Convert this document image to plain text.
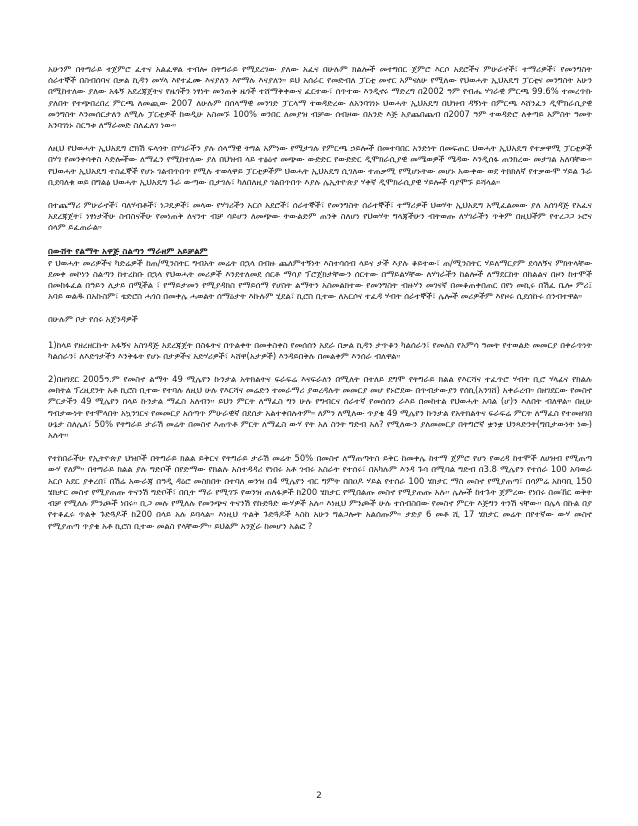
አሁንም በትግራይ ተጀምሮ ፈተና አልፈዋል ተብሎ በትግራይ የሚደረገው ያለው አፈና በሁሉም ክልሎች መተግበር ጀምሮ እርሶ አደሮችና ምሁራኖች፣ ተማሪዎች፣ የመንግስት ሰራተኞች በስብሰባና በቃል ኪዳን መሃላ እየተፈሙ እናያለን እየማሉ እናያለን። ይህ አሰራር የመድብለ ፓርቲ መኖር አምናለሁ የሚለው የህወሓት ኢህአዴግ ፓርቲና መንግስት አሁን በሚከተለው ያለው አፋኝ አደረጃጀትና የዜጎችን ነፃነት መንጠቅ ዜጎች ተሸማቅቀውና ፈርተው፣ ሰጥተው እንዲኖሩ ማድረግ በ2002 ዓም የብሔ ሃገራዊ ምርጫ 99.6% ተመረጥኩ ያለበት የተጭበረበረ ምርጫ ለመጪው 2007 ለሁሉም በሰላማዊ መንገድ ፓርላማ ተወዳድረው ለአንባገነኑ ህወሓት ኢህአዴግ በህዝብ ዳኝነት በምርጫ እሸንፈን ዲሞክራሲያዊ መንግስት እንመሰርታለን ለሚሉ ፓርቲዎች ከወዲሁ አስመኙ 100% ወንበር ለመያዝ ብቻው ሰብዞው በአንድ እጅ አያጨበጨብ በ2007 ዓም ተወዳድሮ ለቀጣይ አምስት ዓመት አንባገነኑ ስርዓቱ ለማራመድ ስለፈለገ ነው።

ለዚህ የህወሓት ኢህአዴግ ሮክሽ ፍላጎት በሃገራችን ያሉ ሰላማዊ ትግል አምነው የሚታገሉ የምርጫ ኃይሎች በመተባበር አንድነት በመፍጠር ህወሓት ኢህአዴግ የተቃዋሚ ፓርቲዎች በሃገ የመንቀሳቀስ እድሎችው ለማፈን የሚከተለው ያለ በህዝብ ላይ ተፅዕኖ መጭው ውድድር የውድድር ዲሞክራሲያዊ መሜወዎች ሜዳው እንዲሰፋ ጠንክረው መታገል አለባቸው። የህወሓት ኢህአዴግ ተስፈኞች የሆኑ ገልብጥበጥ የሚሉ ተወላዋይ ፓርቲዎችም ህወሓት ኢህአዴግ ሲገለው ተጠቃሚ የሚሆኑትው መሆኑ አውቀው ወደ ትክክለኛ የተቃውሞ ሃይል ጉራ ቢደባለቁ ወይ በግልፅ ህወሓት ኢህአዴግ ጉራ ውጣው ቢታገሉ፣ ካለበለዚያ ገልበጥበጥ እያሉ ሌኢትዮጵያ ሃቀኛ ዲሞክራሲያዊ ሃይሎች ባያሞኙ ይሻላል።

በተጨማሪ ምሁራኖች፣ ባለሃብቶች፣ ነጋዴዎች፣ መላው የሃገሪችን አርሶ አደሮች፣ ሰራተኞች፣ የመንግስት ሰራተኞች፣ ተማሪዎች ህወሃት ኢህአዴግ አሚፈልመው ያለ አሰገዳጅ የአፈና አደረጃጀት፣ ነፃነታችሁ ስብስናችሁ የመነጠቅ ለናንተ ብቻ ሳይሆን ለመጭው ትውልድም ጠንቅ ስለሆነ የህወሃት ግላጃችሁን ብትወጡ ለሃገራችን ጥቅም በዚህችም የተረጋጋ ኑሮና ሰላም ይፈጠራል።

በውሸት የልማት አዋጅ ስልጣን ማራዘም አይቻልም

የ ህወሓት መሪዎችና ካድሬዎች ከጠ/ሚንስትር ግብአት መሬት በኋላ በብዙ ጨለምተኝነት እስተሳሰብ ላይና ታች እያሉ ቆይተው፣ ጠ/ሚንስትር ሃይለማርያም ደሳለኝና ምክትላቸው ደመቀ መኮነን ስልጣን ከተረከቡ በኋላ የህወሓት መሪዎች እንደተለመደ ሰርቶ ማሳያ ፕሮጀክታቸውን ሰርተው በማይልሃቸው ለሃገራችን ከልሎች ለማደርከት በከልልና በዞን ከተሞች በመከፋፈል በዓይን ሊታይ በሚችል ፣ የማይታመን የሚያዳክስ የማይሰማ የሆስት ልማትን አስመልክተው የመንግስት ብዙሃን መገናኛ በመቆጠቀበጠር በየነ መኪሩ በሽፈ ቤሎ ምሪ፤ አባይ ወልዱ በአኩስም፣ ቴድሮስ ሓጎስ በመቀሌ ሓወልት ሰማዕታት እኩሉም ሂደል፣ ኪሮስ ቢተው ለአርሶና ተፈዳ ሃብት ሰራተኞች፣ ሌሎች መሪዎችም እየዞሩ ሲደሰኩሩ ሰንብተዋል።

በሁሉም ቦታ የሰሩ አጀንዳዎች

1)ከላይ የዘረዘርኩት አፋኝና አስገዳጅ አደረጃጀት በስፋትና በጥልቀት በመቀስቀስ የመሰሰን አደራ በቃል ኪዳን ታጥቆን ካልሰራን፣ የመለስ የአምሳ ዓመት የተወልድ መመርያ በቀራጥነት ካልሰራን፣ ለእድገታችን እንቅፋት የሆኑ በታዎችና አድሃሪዎች፣ ኣሸዋ(አታዎች) እንዳይበቅሉ በመልቀም እንሰራ ብለዋል።

2)በዘገደር 2005ዓ.ም የመስኖ ልማት 49 ሚሌየን ኩንታል አትክልትና ፍራፍሬ እናፍራለን በሚለት በተለይ ደግሞ የትግራይ ክልል የእርሻና ተፈጥሮ ሃብት ቢሮ ሃላፊና የክልሉ መክትል ፕረዚደንት አቶ ኪሮስ ቢተው የተባሉ ለዚህ ሁሉ የእርሻና መሬድን ተመራማሪ ያወረዳሉት መመርያ መሆ የኑሮደው በጥብታውያን የሰኪ(አንገሸ) አቀራረብ። በዘገደርው የመስኖ ምርታችን 49 ሚሌየን በላይ ኩንታል ማፈስ አለብን። ይህን ምርት ለማፈስ ግን ሁሉ የግብርና ሰራተኛ የመሰሰን ራእይ በመከተል የህወሓት አባል (ሆ)ን እለበት ብለዋል። በዚሁ ግብታውነት የተሞላበት አኳንገርና የመመርያ አሰጣጥ ምሁራዊኛ በደሰታ አልተቀበሉትም። ለምን ለሚለው ጥያቄ 49 ሚሌየን ኩንታል የአትክልትና ፍራፍሬ ምርት ለማፈስ የተመዘገበ ሁኔታ ስለሌለ፣ 50% የትግራይ ታራሽ መሬት በመስኖ እጠጥቶ ምርት ለማፈስ ውሃ የት አለ ስንት ግድብ አለ? የሚለውን ያለመመርያ በትግሮኛ ቋንቋ ህንጻድንት(ግቢታውነት ነው) አሉት።

የተከበራችሁ የኢትዮጵያ ህዝቦች በትግራይ ክልል ይቅርና የትግራይ ታራሽ መሬት 50% በመስኖ ለማጠጣትስ ይቅር ከመቀሌ ከተማ ጀምሮ የሆነ የወረዳ ከተሞች ለሀዝብ የሚጠጣ ውሃ የለም። በትግራይ ክልል ያሉ ግድቦች በየድማው የክልሉ አስተዳዳሪ የነበሩ አቶ ገብሩ አስራት የተሰሩ፣ በአካሉም እንዳ ጉሳ በሚባል ግድብ በ3.8 ሚሌየን የተሰራ 100 አባወራ አርሶ አደር ያቀረበ፣ በሽሬ አውራጃ በዓዲ ዳዕሮ መስክበት በተባለ ወንዝ በ4 ሚሌየን ብር ግምት በበዐዶ ሃይል የተሰራ 100 ሄክታር ማስ መስኖ የሚያጠጣ፣ በሳምሬ አከባቢ 150 ሄክታር መስኖ የሚያጠጡ ትናንሽ ግድቦች፣ በቢት ማራ የሚገኙ የወንዝ ጠለፋዎች ከ200 ሄክታር የሚበልጡ መስኖ የሚያጠጡ አሉ። ሌሎች ከተጉት ጀምረው የነበሩ በመኸር ወቅት ብቻ የሚለሉ ምንጮች ነበሩ። ቢጋ መሉ የሚለሉ የመንጭና ትናንሽ የኩድጓድ ውሃዎች አሉ። እነዚህ ምንጮች ሁሉ ተሰብስበው የመስኖ ምርት እጅግን ትንሽ ናቸው። በሌላ በኩል በያ የተቆፈሩ ጥልቅ ጉድጓዶች ከ200 በላይ አሉ ይባላል። እነዚህ ጥልቅ ጉድጓዶች ኣስከ አሁን ግልጋሎት አልሰጡም። ታድያ 6 መቶ ሺ 17 ሄክታር መሬት በየተኛው ውሃ መስኖ የሚያጠጣ ጥያቄ አቶ ኪሮስ ቢተው መልስ የላቸውም። ይህልም አንጀራ ከመሆን አልፎ ?

2
